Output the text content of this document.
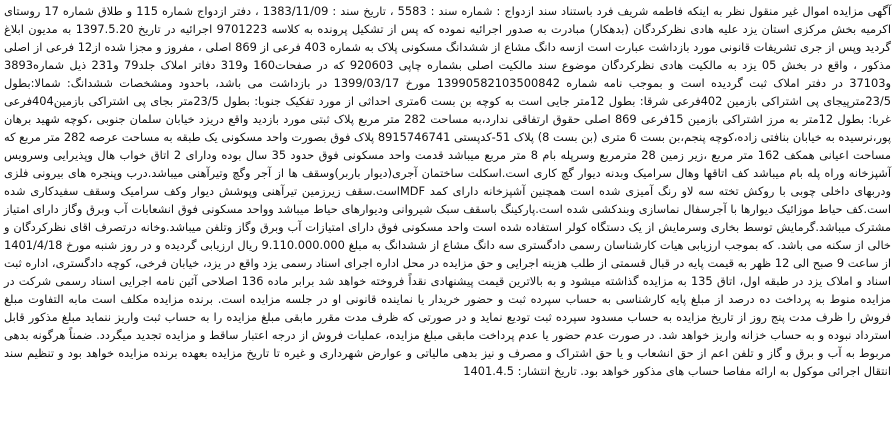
آگهی مزایده اموال غیر منقول نظر به اینکه فاطمه شریف فرد باستناد سند ازدواج : شماره سند : 5583 ، تاریخ سند : 1383/11/09 ، دفتر ازدواج شماره 115 و طلاق شماره 17 روستای اکرمیه بخش مرکزی استان یزد علیه هادی نظرکردگان (بدهکار) مبادرت به صدور اجرائیه نموده که پس از تشکیل پرونده به کلاسه 9701223 اجرائیه در تاریخ 1397.5.20 به مدیون ابلاغ گردید وپس از جری تشریفات قانونی مورد بازداشت عبارت است ازسه دانگ مشاع از ششدانگ مسکونی پلاک به شماره 403 فرعی از 869 اصلی ، مفروز و مجزا شده از12 فرعی از اصلی مذکور ، واقع در بخش 05 یزد به مالکیت هادی نظرکردگان موضوع سند مالکیت اصلی بشماره چاپی 920603 که در صفحات160 و319 دفاتر املاک جلد79 و231 ذیل شماره3893 و37103 در دفتر املاک ثبت گردیده است و بموجب نامه شماره 13990582103500842 مورخ 1399/03/17 در بازداشت می باشد، باحدود ومشخصات ششدانگ: شمالا:بطول 23/5مترپیجای پی اشتراکی بازمین 402فرعی شرقا: بطول 12متر جایی است به کوچه بن بست 6متری احداثی از مورد تفکیک جنوبا: بطول 23/5متر بجای پی اشتراکی بازمین404فرعی غربا: بطول 12متر به مرز اشتراکی بازمین 15فرعی 869 اصلی حقوق ارتفاقی ندارد،به مساحت 282 متر مربع پلاک ثبتی مورد بازدید واقع دریزد خیابان سلمان جنوبی ،کوچه شهید برهان پور،نرسیده به خیابان بنافتی زاده،کوچه پنجم،بن بست 6 متری (بن بست 8) پلاک 51-کدپستی 8915746741 پلاک فوق بصورت واحد مسکونی یک طبقه به مساحت عرصه 282 متر مربع که مساحت اعیانی همکف 162 متر مربع ،زیر زمین 28 مترمربع وسرپله بام 8 متر مربع میباشد قدمت واحد مسکونی فوق حدود 35 سال بوده ودارای 2 اتاق خواب هال وپذیرایی وسرویس آشپزخانه وراه پله بام میباشد کف اتاقها وهال سرامیک وبدنه دیوار گچ کاری است.اسکلت ساختمان آجری(دیوار باربر)وسقف ها از آجر وگچ وتیرآهنی میباشد.درب وپنجره های بیرونی فلزی ودربهای داخلی چوبی با روکش تخته سه لاو رنگ آمیزی شده است همچنین آشپزخانه دارای کمد MDFاست.سقف زیرزمین تیرآهنی وپوشش دیوار وکف سرامیک وسقف سفیدکاری شده است.کف حیاط موزائیک دیوارها با آجرسفال نماسازی وبندکشی شده است.پارکینگ باسقف سبک شیروانی ودیوارهای حیاط میباشد وواحد مسکونی فوق انشعابات آب وبرق وگاز دارای امتیاز مشترک میباشد.گرمایش توسط بخاری وسرمایش از یک دستگاه کولر استفاده شده است واحد مسکونی فوق دارای امتیازات آب وبرق وگاز وتلفن میباشد.وخانه درتصرف اقای نظرکردگان و خالی از سکنه می باشد. که بموجب ارزیابی هیات کارشناسان رسمی دادگستری سه دانگ مشاع از ششدانگ به مبلغ 9.110.000.000 ریال ارزیابی گردیده و در روز شنبه مورخ 1401/4/18 از ساعت 9 صبح الی 12 ظهر به قیمت پایه در قبال قسمتی از طلب هزینه اجرایی و حق مزایده در محل اداره اجرای اسناد رسمی یزد واقع در یزد، خیابان فرخی، کوچه دادگستری، اداره ثبت اسناد و املاک یزد در طبقه اول، اتاق 135 به مزایده گذاشته میشود و به بالاترین قیمت پیشنهادی نقداً فروخته خواهد شد برابر ماده 136 اصلاحی آئین نامه اجرایی اسناد رسمی شرکت در مزایده منوط به پرداخت ده درصد از مبلغ پایه کارشناسی به حساب سپرده ثبت و حضور خریدار یا نماینده قانونی او در جلسه مزایده است. برنده مزایده مکلف است مابه التفاوت مبلغ فروش را ظرف مدت پنج روز از تاریخ مزایده به حساب مسدود سپرده ثبت تودیع نماید و در صورتی که ظرف مدت مقرر مابقی مبلغ مزایده را به حساب ثبت واریز ننماید مبلغ مذکور قابل استرداد نبوده و به حساب خزانه واریز خواهد شد. در صورت عدم حضور یا عدم پرداخت مابقی مبلغ مزایده، عملیات فروش از درجه اعتبار ساقط و مزایده تجدید میگردد. ضمناً هرگونه بدهی مربوط به آب و برق و گاز و تلفن اعم از حق انشعاب و یا حق اشتراک و مصرف و نیز بدهی مالیاتی و عوارض شهرداری و غیره تا تاریخ مزایده بعهده برنده مزایده خواهد بود و تنظیم سند انتقال اجرائی موکول به ارائه مفاصا حساب های مذکور خواهد بود. تاریخ انتشار: 1401.4.5
